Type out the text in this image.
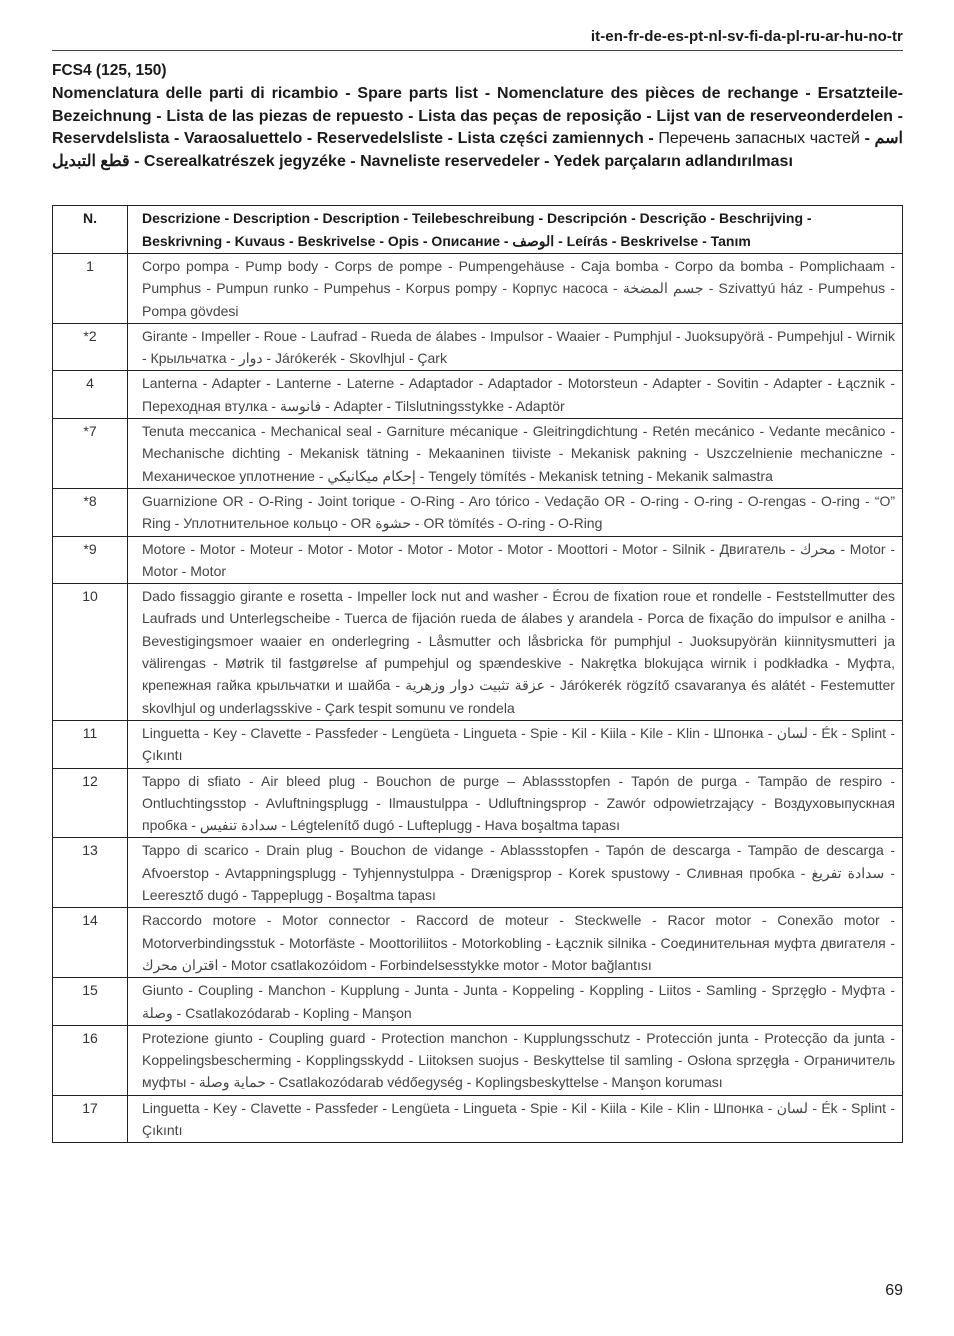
it-en-fr-de-es-pt-nl-sv-fi-da-pl-ru-ar-hu-no-tr
FCS4 (125, 150)
Nomenclatura delle parti di ricambio - Spare parts list - Nomenclature des pièces de rechange - Ersatzteile-Bezeichnung - Lista de las piezas de repuesto - Lista das peças de reposição - Lijst van de reserveonderdelen - Reservdelslista - Varaosaluettelo - Reservedelsliste - Lista części zamiennych - Перечень запасных частей - اسم قطع التبديل - Cserealkatrészek jegyzéke - Navneliste reservedeler - Yedek parçaların adlandırılması
N.	Descrizione - Description - Description - Teilebeschreibung - Descripción - Descrição - Beschrijving - Beskrivning - Kuvaus - Beskrivelse - Opis - Описание - الوصف - Leírás - Beskrivelse - Tanım
1	Corpo pompa - Pump body - Corps de pompe - Pumpengehäuse - Caja bomba - Corpo da bomba - Pomplichaam - Pumphus - Pumpun runko - Pumpehus - Korpus pompy - Корпус насоса - جسم المضخة - Szivattyú ház - Pumpehus - Pompa gövdesi
*2	Girante - Impeller - Roue - Laufrad - Rueda de álabes - Impulsor - Waaier - Pumphjul - Juoksupyörä - Pumpehjul - Wirnik - Крыльчатка - دوار - Járókerék - Skovlhjul - Çark
4	Lanterna - Adapter - Lanterne - Laterne - Adaptador - Adaptador - Motorsteun - Adapter - Sovitin - Adapter - Łącznik - Переходная втулка - فانوسة - Adapter - Tilslutningsstykke - Adaptör
*7	Tenuta meccanica - Mechanical seal - Garniture mécanique - Gleitringdichtung - Retén mecánico - Vedante mecânico - Mechanische dichting - Mekanisk tätning - Mekaaninen tiiviste - Mekanisk pakning - Uszczelnienie mechaniczne - Механическое уплотнение - إحكام ميكانيكي - Tengely tömítés - Mekanisk tetning - Mekanik salmastra
*8	Guarnizione OR - O-Ring - Joint torique - O-Ring - Aro tórico - Vedação OR - O-ring - O-ring - O-rengas - O-ring - “O” Ring - Уплотнительное кольцо - OR حشوة - OR tömítés - O-ring - O-Ring
*9	Motore - Motor - Moteur - Motor - Motor - Motor - Motor - Motor - Moottori - Motor - Silnik - Двигатель - محرك - Motor - Motor - Motor
10	Dado fissaggio girante e rosetta - Impeller lock nut and washer - Écrou de fixation roue et rondelle - Feststellmutter des Laufrads und Unterlegscheibe - Tuerca de fijación rueda de álabes y arandela - Porca de fixação do impulsor e anilha - Bevestigingsmoer waaier en onderlegring - Låsmutter och låsbricka för pumphjul - Juoksupyörän kiinnitysmutteri ja välirengas - Møtrik til fastgørelse af pumpehjul og spændeskive - Nakrętka blokująca wirnik i podkładka - Муфта, крепежная гайка крыльчатки и шайба - عزقة تثبيت دوار وزهرية - Járókerék rögzítő csavaranya és alátét - Festemutter skovlhjul og underlagsskive - Çark tespit somunu ve rondela
11	Linguetta - Key - Clavette - Passfeder - Lengüeta - Lingueta - Spie - Kil - Kiila - Kile - Klin - Шпонка - لسان - Ék - Splint - Çıkıntı
12	Tappo di sfiato - Air bleed plug - Bouchon de purge – Ablassstopfen - Tapón de purga - Tampão de respiro - Ontluchtingsstop - Avluftningsplugg - Ilmaustulppa - Udluftningsprop - Zawór odpowietrzający - Воздуховыпускная пробка - سدادة تنفيس - Légtelenítő dugó - Lufteplugg - Hava boşaltma tapası
13	Tappo di scarico - Drain plug - Bouchon de vidange - Ablassstopfen - Tapón de descarga - Tampão de descarga - Afvoerstop - Avtappningsplugg - Tyhjennystulppa - Drænigsprop - Korek spustowy - Сливная пробка - سدادة تفريغ - Leeresztő dugó - Tappeplugg - Boşaltma tapası
14	Raccordo motore - Motor connector - Raccord de moteur - Steckwelle - Racor motor - Conexão motor - Motorverbindingsstuk - Motorfäste - Moottoriliitos - Motorkobling - Łącznik silnika - Соединительная муфта двигателя - اقتران محرك - Motor csatlakozóidom - Forbindelsesstykke motor - Motor bağlantısı
15	Giunto - Coupling - Manchon - Kupplung - Junta - Junta - Koppeling - Koppling - Liitos - Samling - Sprzęgło - Муфта - وصلة - Csatlakozódarab - Kopling - Manşon
16	Protezione giunto - Coupling guard - Protection manchon - Kupplungsschutz - Protección junta - Protecção da junta - Koppelingsbescherming - Kopplingsskydd - Liitoksen suojus - Beskyttelse til samling - Osłona sprzęgła - Ограничитель муфты - حماية وصلة - Csatlakozódarab védőegység - Koplingsbeskyttelse - Manşon koruması
17	Linguetta - Key - Clavette - Passfeder - Lengüeta - Lingueta - Spie - Kil - Kiila - Kile - Klin - Шпонка - لسان - Ék - Splint - Çıkıntı
69
